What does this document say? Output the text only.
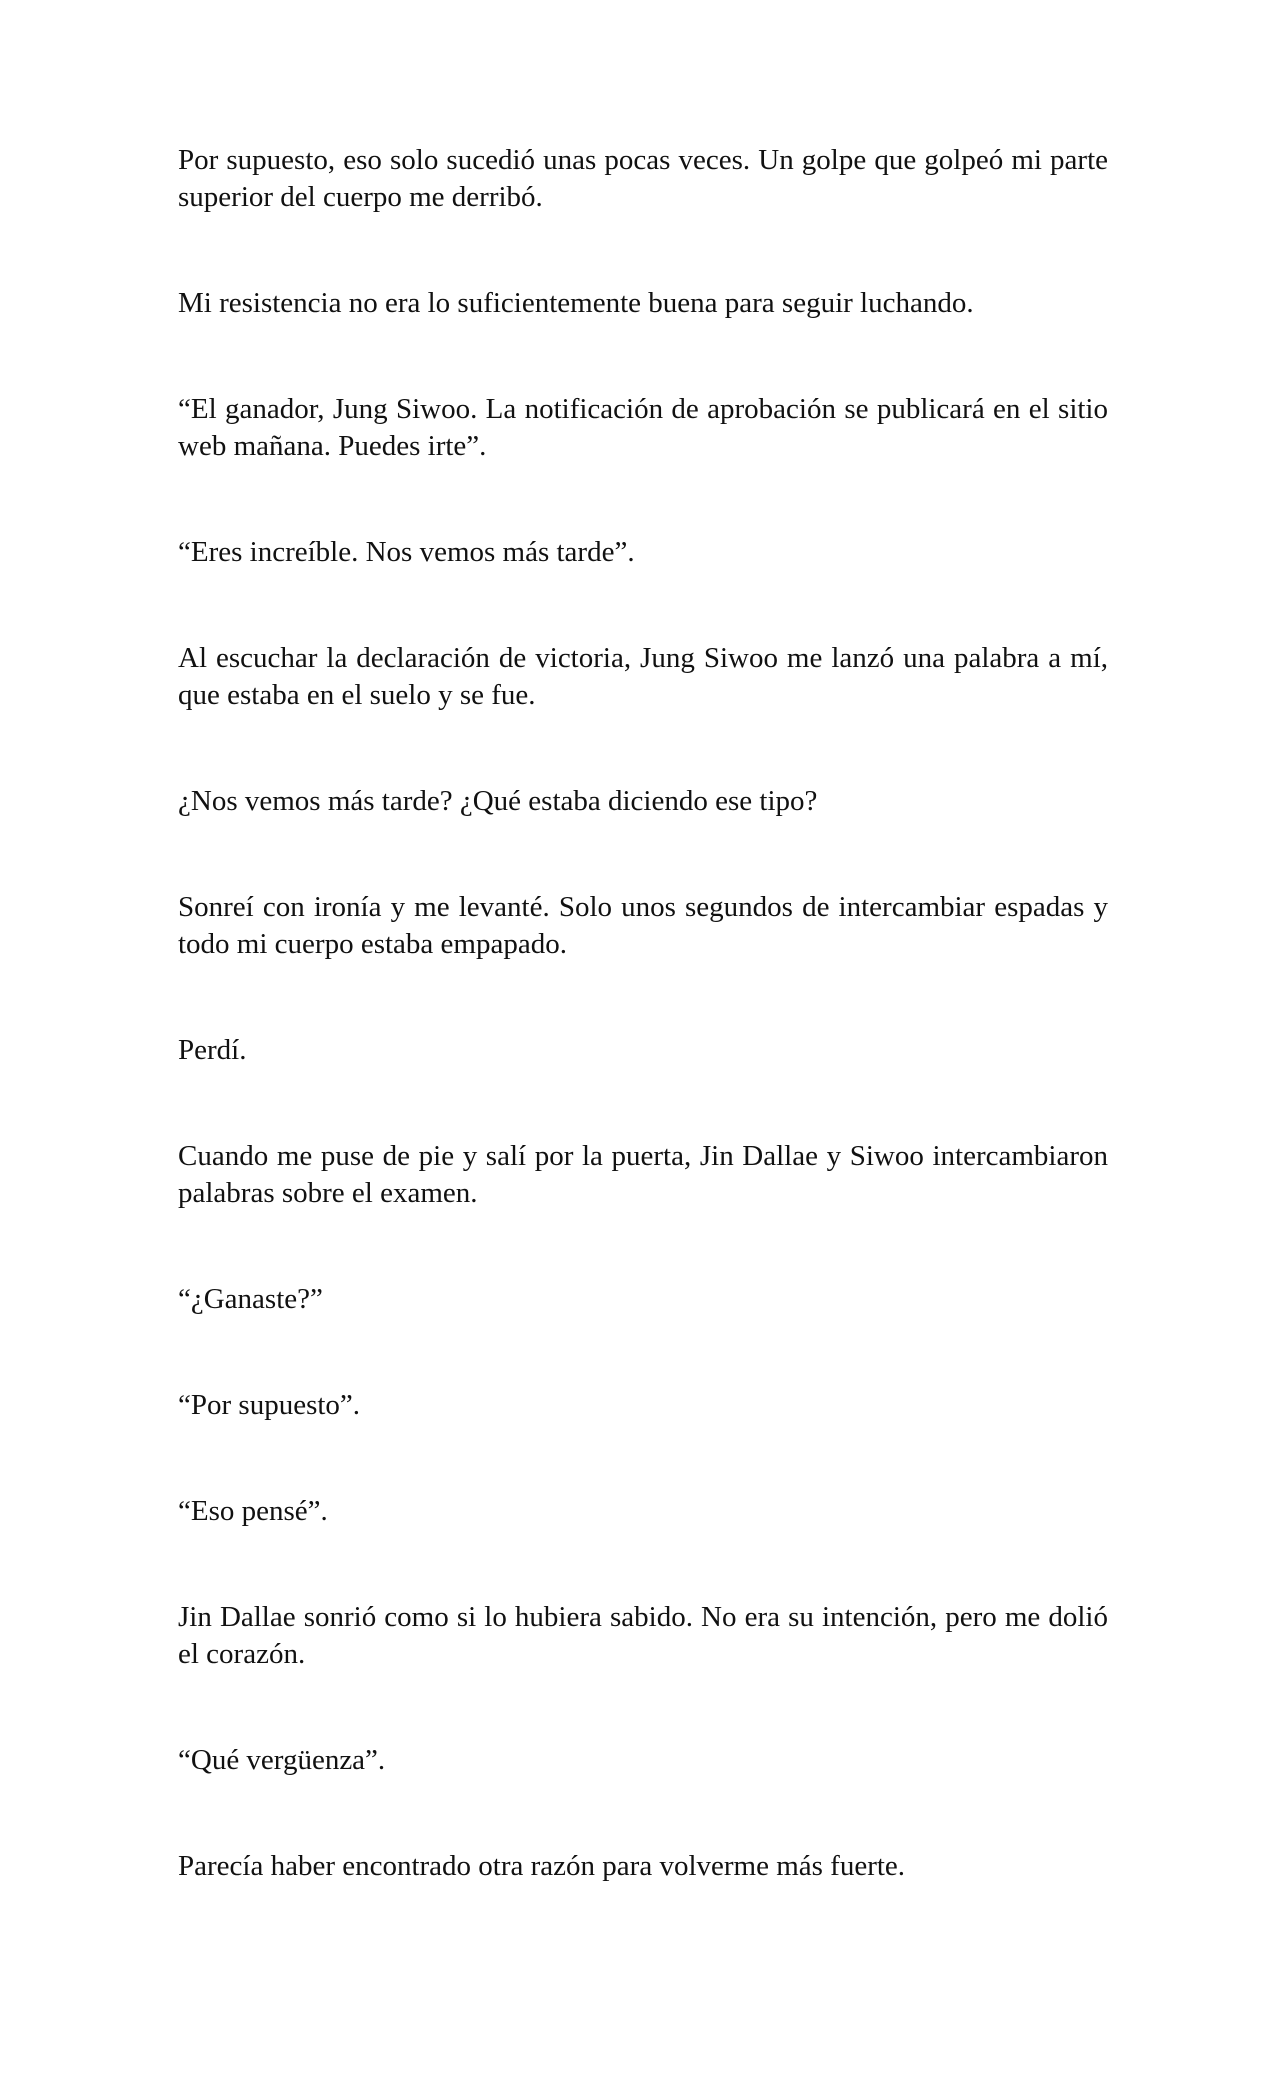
Por supuesto, eso solo sucedió unas pocas veces. Un golpe que golpeó mi parte superior del cuerpo me derribó.

Mi resistencia no era lo suficientemente buena para seguir luchando.

“El ganador, Jung Siwoo. La notificación de aprobación se publicará en el sitio web mañana. Puedes irte”.

“Eres increíble. Nos vemos más tarde”.

Al escuchar la declaración de victoria, Jung Siwoo me lanzó una palabra a mí, que estaba en el suelo y se fue.

¿Nos vemos más tarde? ¿Qué estaba diciendo ese tipo?

Sonreí con ironía y me levanté. Solo unos segundos de intercambiar espadas y todo mi cuerpo estaba empapado.

Perdí.

Cuando me puse de pie y salí por la puerta, Jin Dallae y Siwoo intercambiaron palabras sobre el examen.

“¿Ganaste?”

“Por supuesto”.

“Eso pensé”.

Jin Dallae sonrió como si lo hubiera sabido. No era su intención, pero me dolió el corazón.

“Qué vergüenza”.

Parecía haber encontrado otra razón para volverme más fuerte.
